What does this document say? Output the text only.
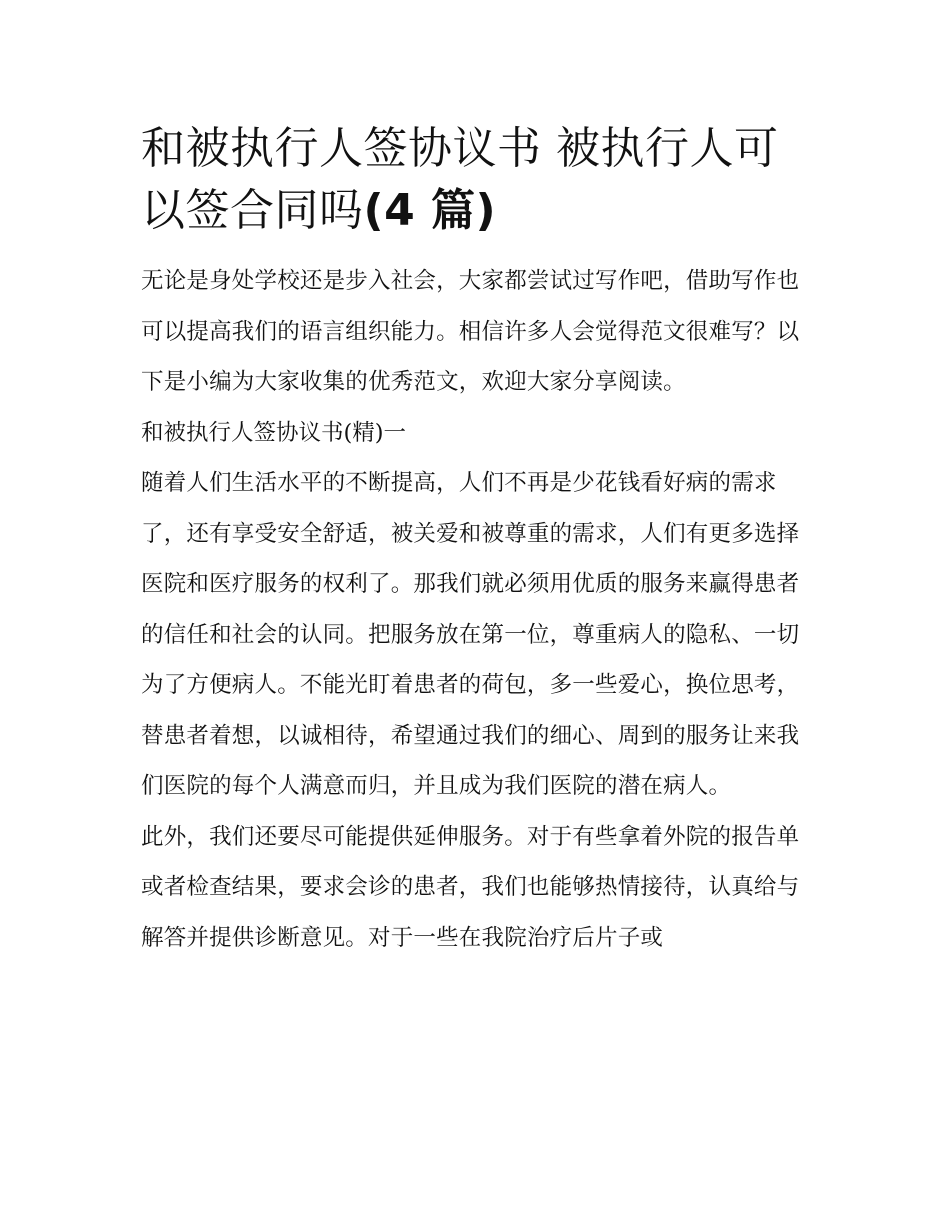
和被执行人签协议书 被执行人可以签合同吗(4 篇)

无论是身处学校还是步入社会，大家都尝试过写作吧，借助写作也可以提高我们的语言组织能力。相信许多人会觉得范文很难写？以下是小编为大家收集的优秀范文，欢迎大家分享阅读。

和被执行人签协议书(精)一

随着人们生活水平的不断提高，人们不再是少花钱看好病的需求了，还有享受安全舒适，被关爱和被尊重的需求，人们有更多选择医院和医疗服务的权利了。那我们就必须用优质的服务来赢得患者的信任和社会的认同。把服务放在第一位，尊重病人的隐私、一切为了方便病人。不能光盯着患者的荷包，多一些爱心，换位思考，替患者着想，以诚相待，希望通过我们的细心、周到的服务让来我们医院的每个人满意而归，并且成为我们医院的潜在病人。

此外，我们还要尽可能提供延伸服务。对于有些拿着外院的报告单或者检查结果，要求会诊的患者，我们也能够热情接待，认真给与解答并提供诊断意见。对于一些在我院治疗后片子或
